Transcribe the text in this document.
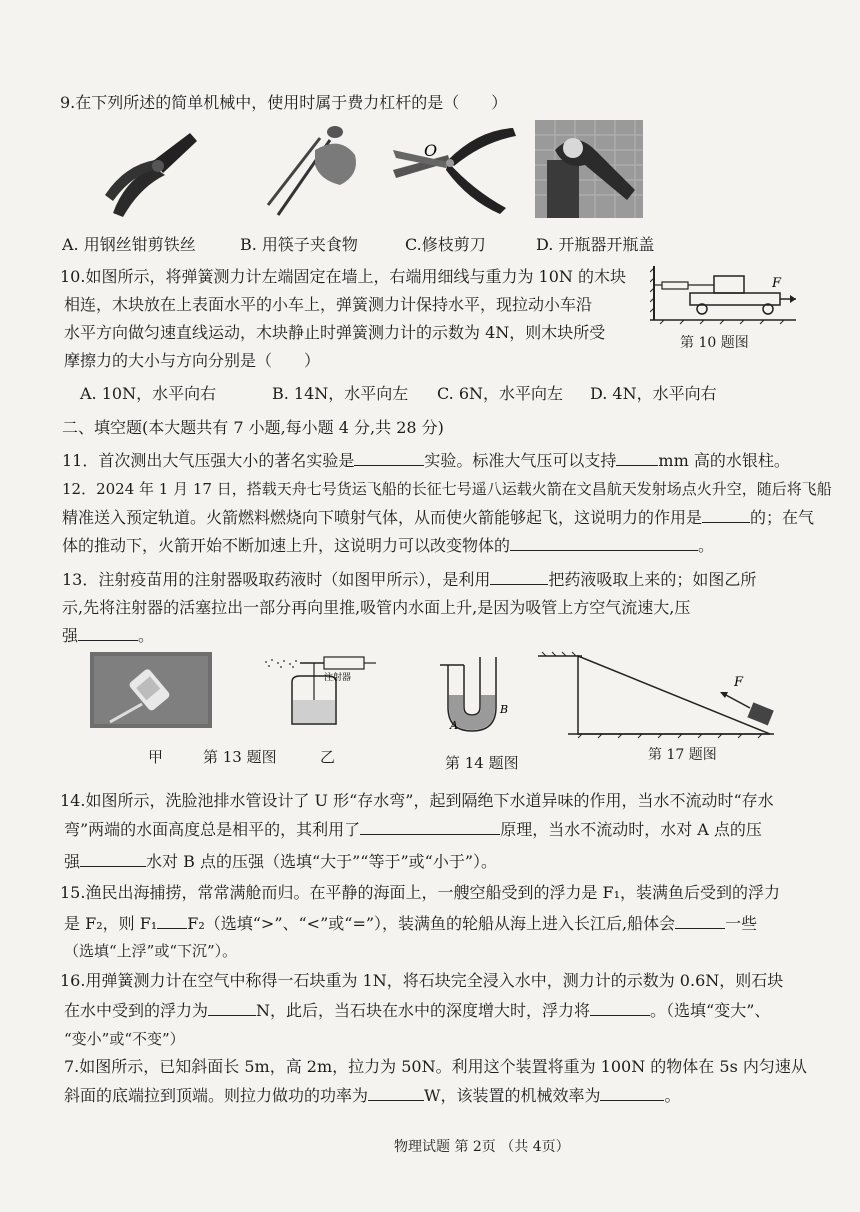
9.在下列所述的简单机械中，使用时属于费力杠杆的是（　　）
O
A. 用钢丝钳剪铁丝	B. 用筷子夹食物	C.修枝剪刀	D. 开瓶器开瓶盖
10.如图所示，将弹簧测力计左端固定在墙上，右端用细线与重力为 10N 的木块
相连，木块放在上表面水平的小车上，弹簧测力计保持水平，现拉动小车沿
水平方向做匀速直线运动，木块静止时弹簧测力计的示数为 4N，则木块所受
摩擦力的大小与方向分别是（　　）
F
第 10 题图
A. 10N，水平向右	B. 14N，水平向左 C. 6N，水平向左 D. 4N，水平向右
二、填空题(本大题共有 7 小题,每小题 4 分,共 28 分)
11．首次测出大气压强大小的著名实验是	实验。标准大气压可以支持	mm 高的水银柱。
12．2024 年 1 月 17 日，搭载天舟七号货运飞船的长征七号遥八运载火箭在文昌航天发射场点火升空，随后将飞船
精准送入预定轨道。火箭燃料燃烧向下喷射气体，从而使火箭能够起飞，这说明力的作用是	的；在气
体的推动下，火箭开始不断加速上升，这说明力可以改变物体的	。
13．注射疫苗用的注射器吸取药液时（如图甲所示），是利用	把药液吸取上来的；如图乙所
示,先将注射器的活塞拉出一部分再向里推,吸管内水面上升,是因为吸管上方空气流速大,压
强	。
注射器
A
B
F
甲	第 13 题图	乙	第 14 题图	第 17 题图
14.如图所示，洗脸池排水管设计了 U 形“存水弯”，起到隔绝下水道异味的作用，当水不流动时“存水
弯”两端的水面高度总是相平的，其利用了	原理，当水不流动时，水对 A 点的压
强	水对 B 点的压强（选填“大于”“等于”或“小于”）。
15.渔民出海捕捞，常常满舱而归。在平静的海面上，一艘空船受到的浮力是 F₁，装满鱼后受到的浮力
是 F₂，则 F₁ F₂（选填“>”、“<”或“=”），装满鱼的轮船从海上进入长江后,船体会	一些
（选填“上浮”或“下沉”）。
16.用弹簧测力计在空气中称得一石块重为 1N，将石块完全浸入水中，测力计的示数为 0.6N，则石块
在水中受到的浮力为	N，此后，当石块在水中的深度增大时，浮力将	。（选填“变大”、
“变小”或“不变”）
7.如图所示，已知斜面长 5m，高 2m，拉力为 50N。利用这个装置将重为 100N 的物体在 5s 内匀速从
斜面的底端拉到顶端。则拉力做功的功率为	W，该装置的机械效率为	。
物理试题 第 2页 （共 4页）
